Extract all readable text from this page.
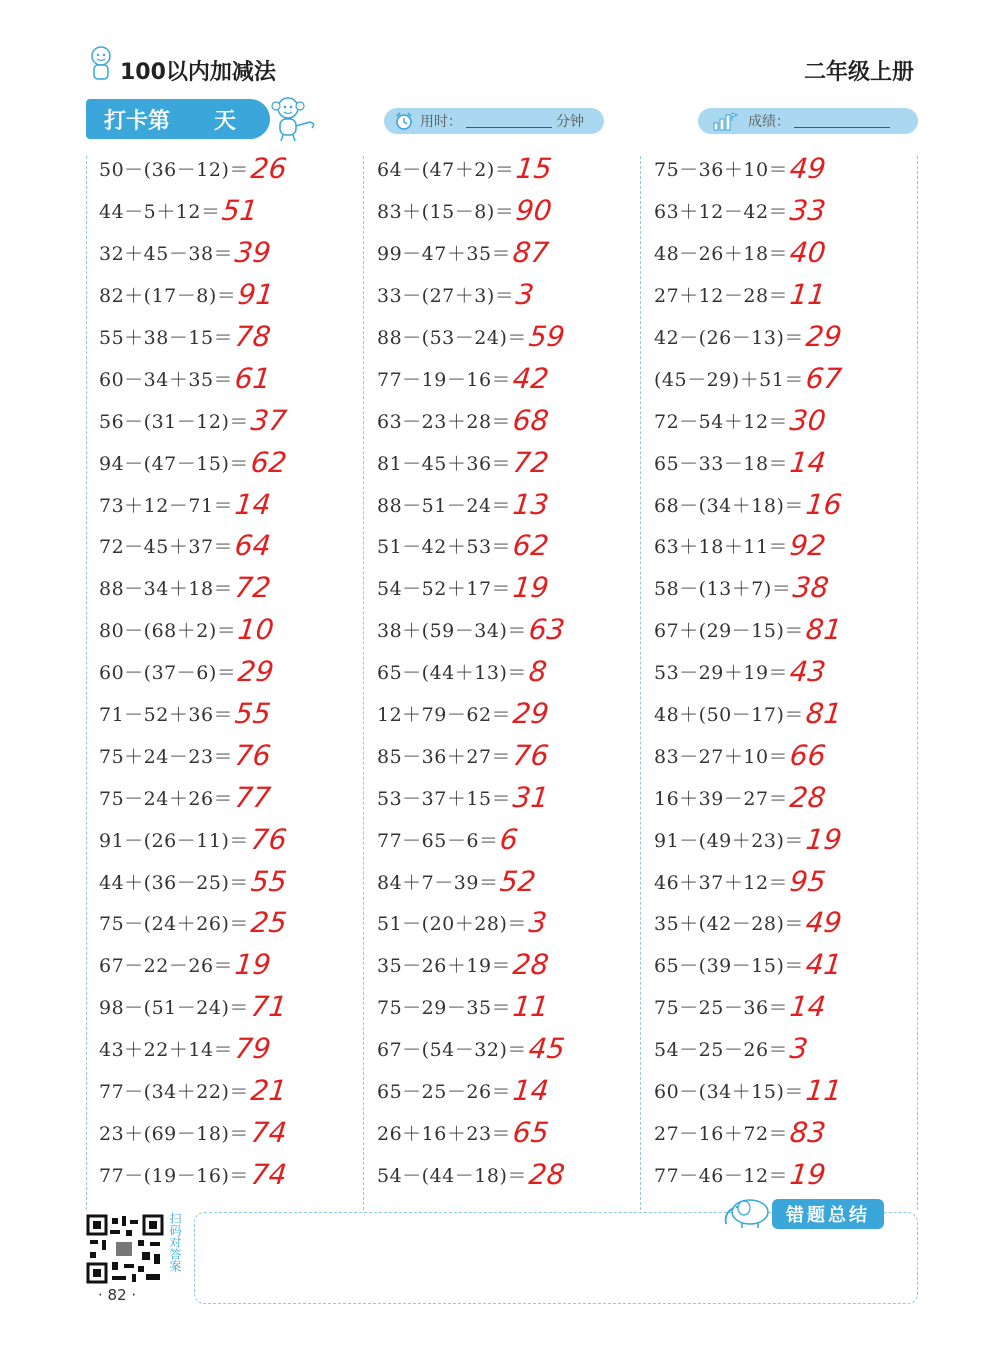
100以内加减法	二年级上册
打卡第 天	用时：	分钟	成绩：
50－(36－12)＝ 26
44－5＋12＝ 51
32＋45－38＝ 39
82＋(17－8)＝ 91
55＋38－15＝ 78
60－34＋35＝ 61
56－(31－12)＝ 37
94－(47－15)＝ 62
73＋12－71＝ 14
72－45＋37＝ 64
88－34＋18＝ 72
80－(68＋2)＝ 10
60－(37－6)＝ 29
71－52＋36＝ 55
75＋24－23＝ 76
75－24＋26＝ 77
91－(26－11)＝ 76
44＋(36－25)＝ 55
75－(24＋26)＝ 25
67－22－26＝ 19
98－(51－24)＝ 71
43＋22＋14＝ 79
77－(34＋22)＝ 21
23＋(69－18)＝ 74
77－(19－16)＝ 74
64－(47＋2)＝ 15
83＋(15－8)＝ 90
99－47＋35＝ 87
33－(27＋3)＝ 3
88－(53－24)＝ 59
77－19－16＝ 42
63－23＋28＝ 68
81－45＋36＝ 72
88－51－24＝ 13
51－42＋53＝ 62
54－52＋17＝ 19
38＋(59－34)＝ 63
65－(44＋13)＝ 8
12＋79－62＝ 29
85－36＋27＝ 76
53－37＋15＝ 31
77－65－6＝ 6
84＋7－39＝ 52
51－(20＋28)＝ 3
35－26＋19＝ 28
75－29－35＝ 11
67－(54－32)＝ 45
65－25－26＝ 14
26＋16＋23＝ 65
54－(44－18)＝ 28
75－36＋10＝ 49
63＋12－42＝ 33
48－26＋18＝ 40
27＋12－28＝ 11
42－(26－13)＝ 29
(45－29)＋51＝ 67
72－54＋12＝ 30
65－33－18＝ 14
68－(34＋18)＝ 16
63＋18＋11＝ 92
58－(13＋7)＝ 38
67＋(29－15)＝ 81
53－29＋19＝ 43
48＋(50－17)＝ 81
83－27＋10＝ 66
16＋39－27＝ 28
91－(49＋23)＝ 19
46＋37＋12＝ 95
35＋(42－28)＝ 49
65－(39－15)＝ 41
75－25－36＝ 14
54－25－26＝ 3
60－(34＋15)＝ 11
27－16＋72＝ 83
77－46－12＝ 19
扫码对答案
· 82 ·
错题总结
